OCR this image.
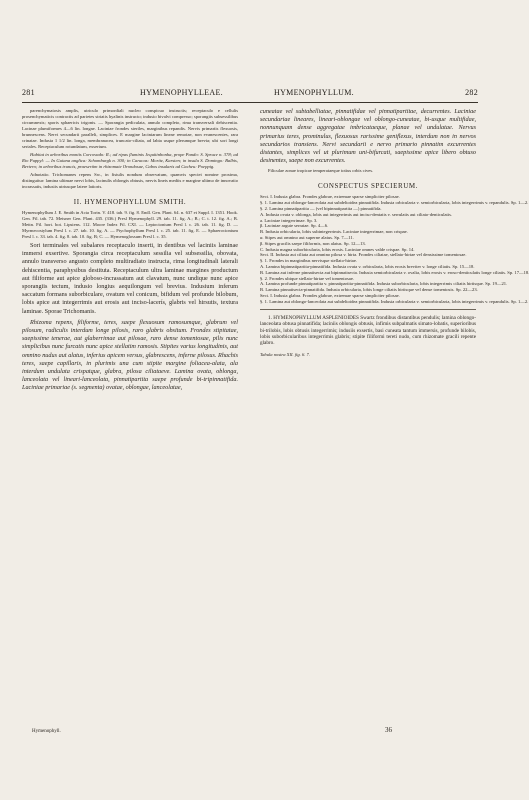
281	HYMENOPHYLLEAE.	HYMENOPHYLLUM.	282

parenchymatosis amplis, utriculo primordiali nucleo conspicuo instructis; receptaculo e cellulis prosenchymaticis contractis ad parietes striatis hyalinis instructo; indusio bivalvi compresso; sporangiis subsessilibus circumnexis; sporis sphaericis trigonis. — Sporangia pediculata, annulo completo, rima transversali dehiscentia. Lacinae plumiformes 4—6 lin. longae. Laciniae frondes steriles, marginibus repandis. Nervis primariis flexuosis, brunnescens. Nervi secundarii paralleli, simplices. E margine laciniarum lineae remotae, non evanescentes, rara crinatae. Indusia 1 1/2 lin. longa, membranacea, truncato-ciliata, ad labia usque plerumque brevia; ubi sori longi seriales. Receptaculum rotundatum, exsertum.

Habitat in arboribus montis Corcovado: R.; ad ripas fluminis Jequitinhonha, prope Pando: S. Spruce n. 378; ad Rio Puppyl: — In Guiana anglica: Schomburgk n. 300; in Caracas: Moritz, Karsten; in insula S. Domingo: Balbis, Bertero; in arboribus truncis, praesertim in rhizomate Orondosae, Cabos insularis ad Cacheu: Poeppig.

Adnotatio. Trichomanes repens Sw., in fistulis nondum observatum, quamvis speciei nomine proxima, distinguitur: lamina ultimae nervi lobis, lacinulis oblongis obtusis, nervis lineis mediis e margine ultimo de innovatio incrassatis, indusiis utriusque latere latioris.

II. HYMENOPHYLLUM SMITH.

Hymenophyllum J. E. Smith in Acta Torin. V. 418. tab. 9. fig. 8. Endl. Gen. Plant. 64. n. 637 et Suppl. I. 1351. Hook. Gen. Fil. tab. 72. Meisner Gen. Plant. 435. (336.) Presl Hymenophyll. 29. tab. 11. fig. A.; B.; C. t. 12. fig. A.; B. Mettn. Fil. hort. bot. Lipsiens. 112. Moore Index Fil. CXI. — Leptocionium Presl l. c. 26. tab. 11. fig. D. — Myrmecostylum Presl l. c. 27. tab. 10. fig. A. — Ptychophyllum Presl l. c. 25. tab. 11. fig. E. — Sphaerocionium Presl l. c. 33. tab. 4. fig. 8. tab. 10. fig. B; C. — Hymenoglossum Presl l. c. 35.

Sori terminales vel subalares receptaculo inserti, in dentibus vel laciniis laminae immersi exsertive. Sporangia circa receptaculum sessilia vel subsessilia, obovata, annulo transverso angusto completo multiradiato instructa, rima longitudinali laterali dehiscentia, paraphysibus destituta. Receptaculum ultra laminae margines productum aut filiforme aut apice globoso-incrassatum aut clavatum, nunc undique nunc apice sporangiis tectum, indusio longius aequilongum vel brevius. Indusium inferum saccatum formans suborbiculare, ovatum vel conicum, bifidum vel profunde bilobum, lobis apice aut integerrimis aut erosis aut inciso-lacerís, glabris vel hirsutis, textura laminae. Sporae Trichomanis.

Rhizoma repens, filiforme, teres, saepe flexuosum ramosumque, glabrum vel pilosum, radiculis interdum longe pilosis, raro glabris obsitum. Frondes stipitatae, saepissime tenerae, aut glaberrimae aut pilosae, raro dense tomentosae, pilis nunc simplicibus nunc furcatis nunc apice stellatim ramosis. Stipites varius longitudinis, aut omnino nudus aut alatus, inferius apicem versus, glabrescens, inferne pilosus. Rhachis teres, saepe capillaris, in plurimis una cum stipite margine foliacea-alata, ala interdum undulata crispatque, glabra, pilosa ciliataeve. Lamina ovata, oblonga, lanceolata vel lineari-lanceolata, pinnatipartita saepe profunde bi-tripinnatifida. Laciniae primariae (s. segmenta) ovatae, oblongae, lanceolatae,

cuneatae vel subtabelliatae, pinnatifidae vel pinnatipartitae, decurrentes. Laciniae secundariae lineares, lineari-oblongae vel oblongo-cuneatae, bi-usque multifidae, nonnunquam dense aggregatae imbricataeque, planae vel undulatae. Nervus primarius teres, prominulus, flexuosus rarissime geniflexus, interdum non in nervos secundarios transiens. Nervi secundarii e nervo primario pinnatim excurrentes distantes, simplices vel ut plurimum uni-bifurcati, saepissime apice libero obtuso desinentes, saepe non excurrentes.

Filiculae zonae tropicae temperataeque totius orbis cives.

CONSPECTUS SPECIERUM.

Sect. I. Indusia glabra. Frondes glabrae, extremae sparse simpliciter pilosae.

§. 1. Lamina aut oblongo-lanceolata aut subdeltoidea pinnatifida. Indusia orbicularia v. semiorbicularia, lobis integerrimis v. repandulis. Sp. 1—2.

§. 2. Lamina pinnatipartita — (vel bipinnatipartita —) pinnatifida.

A. Indusia ovata v. oblonga, lobis aut integerrimis aut inciso-dentatis v. serrulatis aut ciliato-denticulatis.

a. Laciniae integerrimae. Sp. 3.

β. Laciniae argute serratae. Sp. 4—6.

B. Indusia orbicularia, lobis subintegerrimis. Laciniae integerrimae, non crispae.

α. Stipes aut omnino aut superne alatus. Sp. 7—11.

β. Stipes gracilis saepe filiformis, non alatus. Sp. 12—13.

C. Indusia magna suborbicularia, lobis erosis. Laciniae omnes valde crispae. Sp. 14.

Sect. II. Indusia aut ciliata aut omnino pilosa v. hirta. Frondes ciliatae, stellato-hirtae vel densissime tomentosae.

§. 1. Frondes in marginibus nervisque stellato-hirtae.

A. Lamina bipinnatipartita-pinnatifida. Indusia ovata v. orbicularia, lobis erosis breviter v. longe ciliatis. Sp. 15—18.

B. Lamina aut inferne pinnatisecta aut bipinnatisecta. Indusia semiorbicularia v. ovalia, lobis erosis v. eroso-denticulatis longe ciliatis. Sp. 17—18.

§. 2. Frondes ubique stellato-hirtae vel tomentosae.

A. Lamina profunde pinnatipartita v. pinnatipartita-pinnatifida. Indusia suborbicularia, lobis integerrimis ciliatis hirtisque. Sp. 19—21.

B. Lamina pinnatisecta-pinnatifida. Indusia orbicularia, lobis longe ciliatis hirtisque vel dense tomentosis. Sp. 22—23.

Sect. I. Indusia glabra. Frondes glabrae, extremae sparse simpliciter pilosae.

§. 1. Lamina aut oblongo-lanceolata aut subdeltoidea pinnatifida. Indusia orbicularia v. semiorbicularia, lobis integerrimis v. repandulis. Sp. 1—2.

1. HYMENOPHYLLUM ASPLENIOIDES Swartz frondibus distantibus pendulis; lamina oblongo-lanceolata obtusa pinnatifida; laciniis oblongis obtusis, infimis subpalmatis simato-lobatis, superioribus bi-trilobis, lobis obtusis integerrimis; indusiis exsertis, basi cuneata tantum immersis, profunde bilobis, lobis suborbicularibus integerrimis glabris; stipite filiformi tereti nudo, cum rhizomate gracili repente glabro.

Tabula nostra XII. fig. 6. 7.

Hymenophyll.	36
